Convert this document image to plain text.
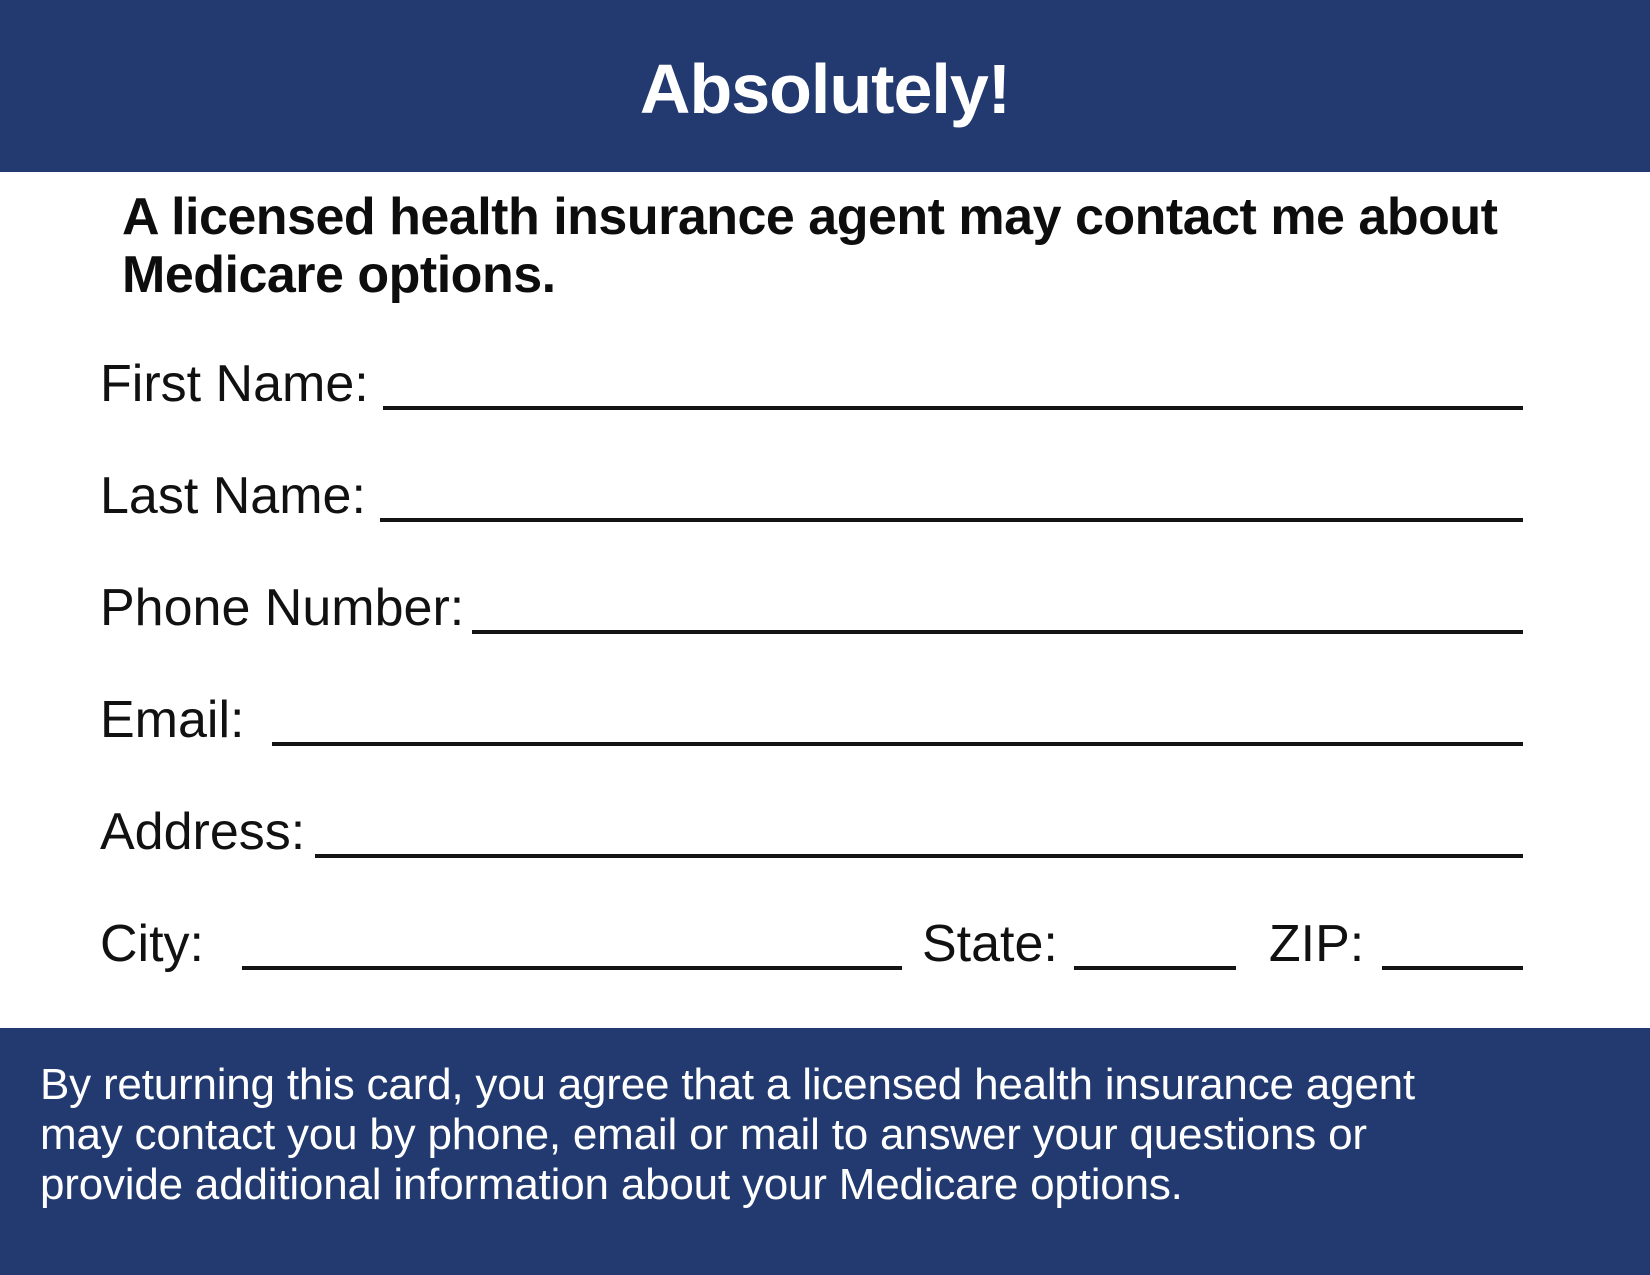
Absolutely!
A licensed health insurance agent may contact me about
Medicare options.
First Name:
Last Name:
Phone Number:
Email:
Address:
City:	State:	ZIP:
By returning this card, you agree that a licensed health insurance agent
may contact you by phone, email or mail to answer your questions or
provide additional information about your Medicare options.
